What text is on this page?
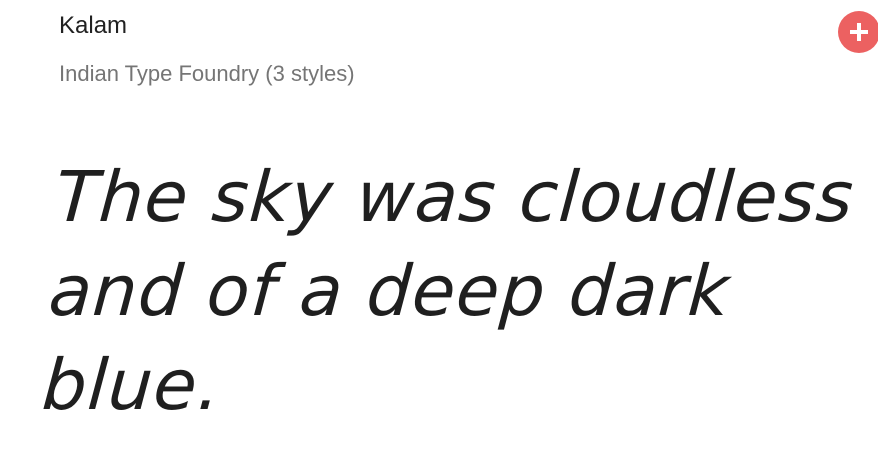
Kalam
Indian Type Foundry (3 styles)
The sky was cloudless and of a deep dark blue.
